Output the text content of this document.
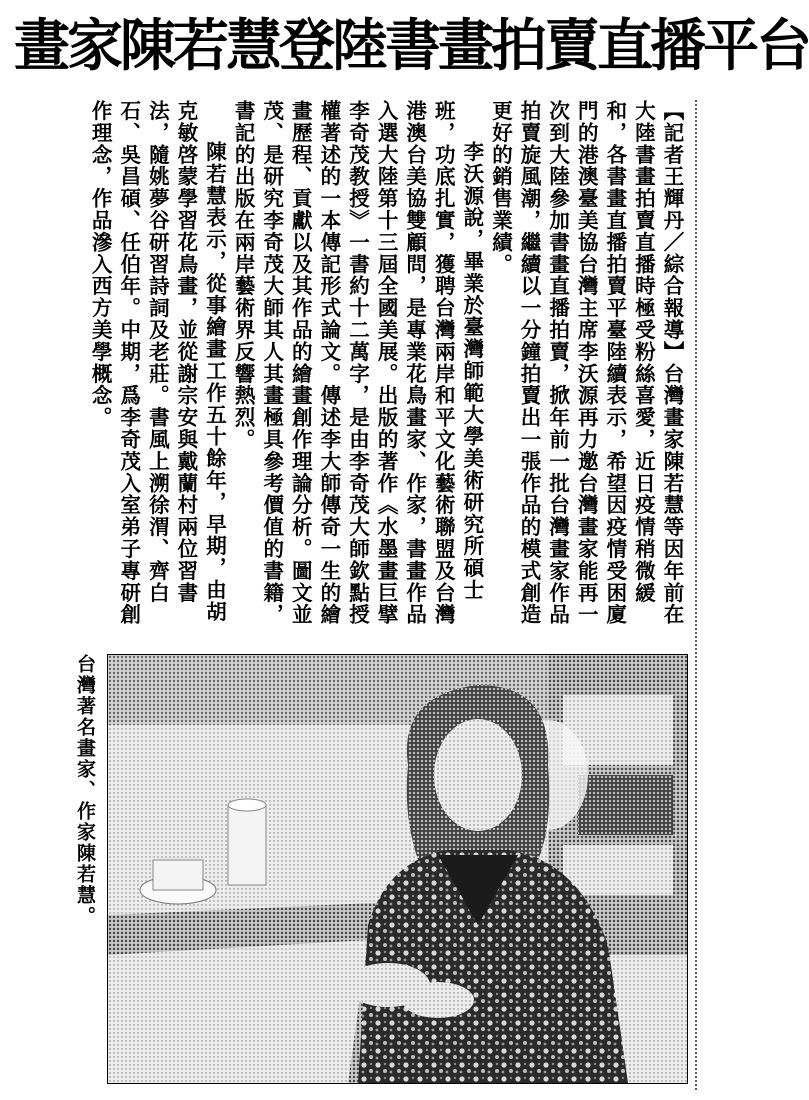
畫家陳若慧登陸書畫拍賣直播平台

【記者王輝丹／綜合報導】台灣畫家陳若慧等因年前在大陸書畫拍賣直播時極受粉絲喜愛，近日疫情稍微緩和，各書畫直播拍賣平臺陸續表示，希望因疫情受困廈門的港澳臺美協台灣主席李沃源再力邀台灣畫家能再一次到大陸參加書畫直播拍賣，掀年前一批台灣畫家作品拍賣旋風潮，繼續以一分鐘拍賣出一張作品的模式創造更好的銷售業績。

李沃源說，畢業於臺灣師範大學美術研究所碩士班，功底扎實，獲聘台灣兩岸和平文化藝術聯盟及台灣港澳台美協雙顧問，是專業花鳥畫家、作家，書畫作品入選大陸第十三屆全國美展。出版的著作《水墨畫巨擘 李奇茂教授》一書約十二萬字，是由李奇茂大師欽點授權著述的一本傳記形式論文。傳述李大師傳奇一生的繪畫歷程、貢獻以及其作品的繪畫創作理論分析。圖文並茂、是研究李奇茂大師其人其畫極具參考價值的書籍，書記的出版在兩岸藝術界反響熱烈。

陳若慧表示，從事繪畫工作五十餘年，早期，由胡克敏啓蒙學習花鳥畫，並從謝宗安與戴蘭村兩位習書法，隨姚夢谷研習詩詞及老莊。書風上溯徐渭、齊白石、吳昌碩、任伯年。中期，爲李奇茂入室弟子專研創作理念，作品滲入西方美學概念。

台灣著名畫家、作家陳若慧。
